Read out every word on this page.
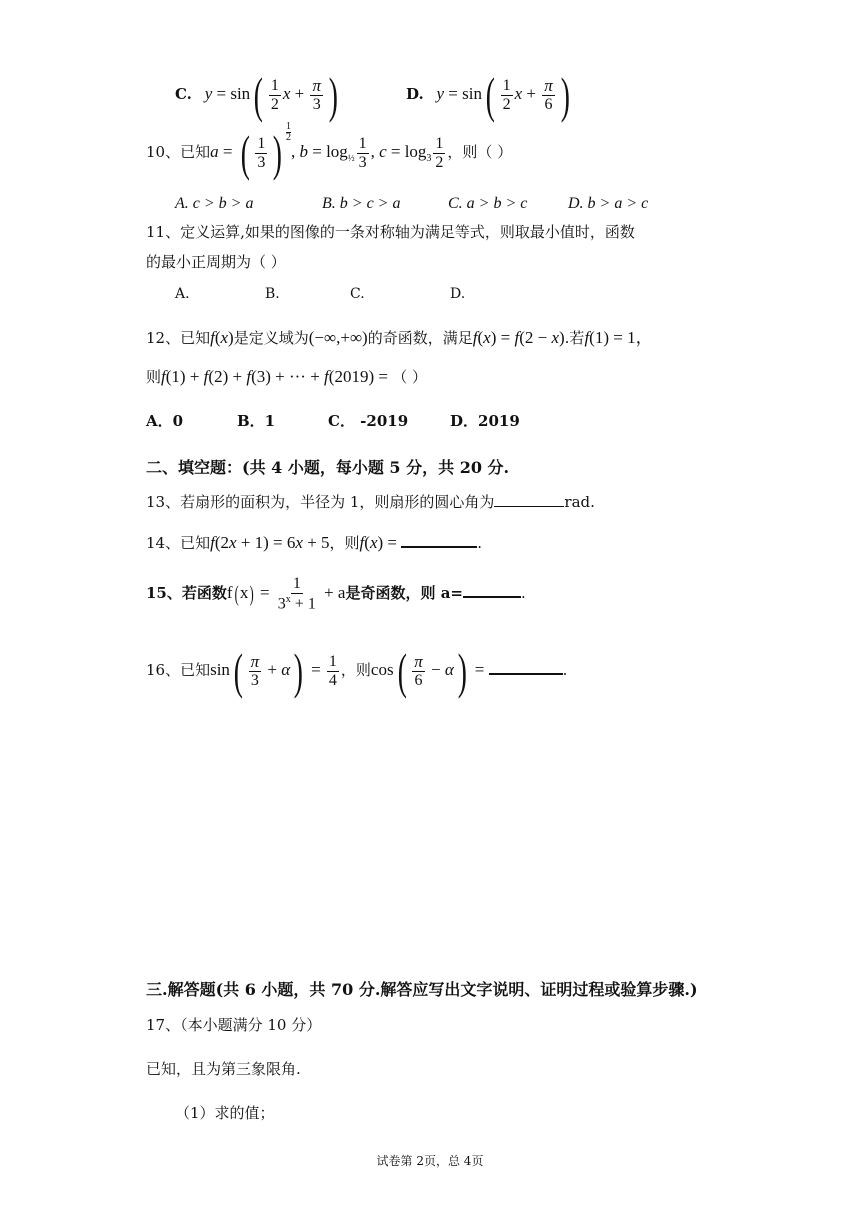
C. $y = \sin( \frac{1}{2}$ $x + \frac{\pi}{3}$ )	D. $y = \sin( \frac{1}{2}$ $x + \frac{\pi}{6}$ )
10、已知a = ( $\frac{1}{3}$ ) $\frac{1}{2}$
, $b = \log_{\frac{1}{2}} \frac{1}{3}$ , $c = \log_3 \frac{1}{2}$ ，则（ ）
A. c > b > a	B. b > c > a	C. a > b > c	D. b > a > c
11、定义运算,如果的图像的一条对称轴为满足等式，则取最小值时，函数
的最小正周期为（ ）
A.	B.	C.	D.
12、已知f(x)是定义域为(−∞,+∞)的奇函数，满足f(x) = f(2 − x).若f(1) = 1，
则f(1) + f(2) + f(3) + ··· + f(2019) = （ ）
A．0	B．1	C． -2019	D．2019
二、填空题：(共 4 小题，每小题 5 分，共 20 分.
13、若扇形的面积为，半径为 1，则扇形的圆心角为	rad.
14、已知f(2x + 1) = 6x + 5，则f(x) =	.
15、若函数$f(x) = \frac{1}{3^x + 1} + a$是奇函数，则 a=	.
16、已知$\sin( \frac{\pi}{3} + \alpha) = \frac{1}{4}$ ，则$\cos( \frac{\pi}{6} - \alpha)$ =	.
三.解答题(共 6 小题，共 70 分.解答应写出文字说明、证明过程或验算步骤.)
17、（本小题满分 10 分）
已知，且为第三象限角.
（1）求的值；
试卷第 2页，总 4页
